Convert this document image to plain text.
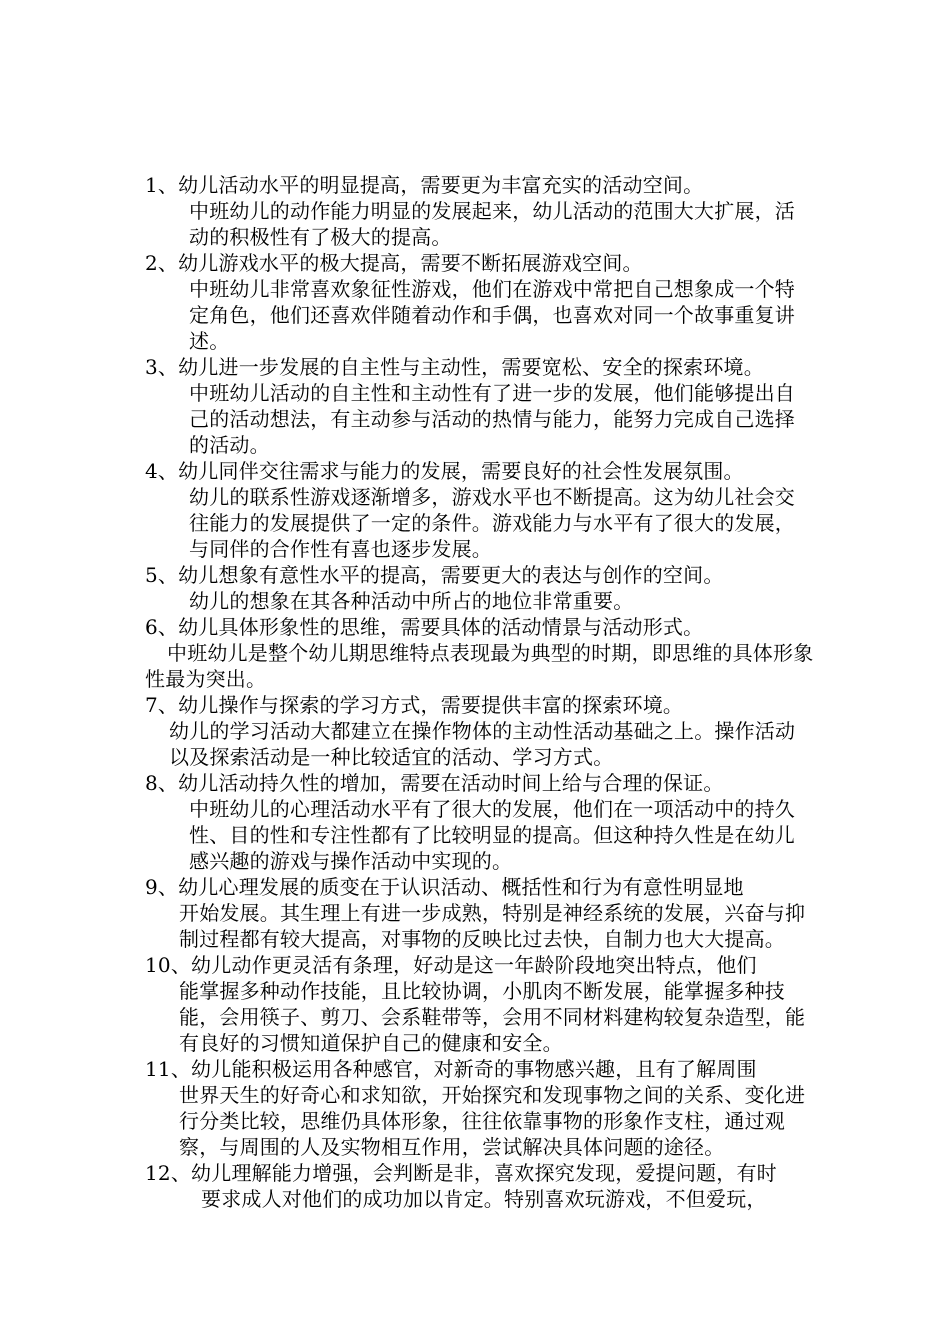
1、幼儿活动水平的明显提高，需要更为丰富充实的活动空间。
中班幼儿的动作能力明显的发展起来，幼儿活动的范围大大扩展，活动的积极性有了极大的提高。
2、幼儿游戏水平的极大提高，需要不断拓展游戏空间。
中班幼儿非常喜欢象征性游戏，他们在游戏中常把自己想象成一个特定角色，他们还喜欢伴随着动作和手偶，也喜欢对同一个故事重复讲述。
3、幼儿进一步发展的自主性与主动性，需要宽松、安全的探索环境。
中班幼儿活动的自主性和主动性有了进一步的发展，他们能够提出自己的活动想法，有主动参与活动的热情与能力，能努力完成自己选择的活动。
4、幼儿同伴交往需求与能力的发展，需要良好的社会性发展氛围。
幼儿的联系性游戏逐渐增多，游戏水平也不断提高。这为幼儿社会交往能力的发展提供了一定的条件。游戏能力与水平有了很大的发展，与同伴的合作性有喜也逐步发展。
5、幼儿想象有意性水平的提高，需要更大的表达与创作的空间。
幼儿的想象在其各种活动中所占的地位非常重要。
6、幼儿具体形象性的思维，需要具体的活动情景与活动形式。
中班幼儿是整个幼儿期思维特点表现最为典型的时期，即思维的具体形象性最为突出。
7、幼儿操作与探索的学习方式，需要提供丰富的探索环境。
幼儿的学习活动大都建立在操作物体的主动性活动基础之上。操作活动以及探索活动是一种比较适宜的活动、学习方式。
8、幼儿活动持久性的增加，需要在活动时间上给与合理的保证。
中班幼儿的心理活动水平有了很大的发展，他们在一项活动中的持久性、目的性和专注性都有了比较明显的提高。但这种持久性是在幼儿感兴趣的游戏与操作活动中实现的。
9、幼儿心理发展的质变在于认识活动、概括性和行为有意性明显地
开始发展。其生理上有进一步成熟，特别是神经系统的发展，兴奋与抑制过程都有较大提高，对事物的反映比过去快，自制力也大大提高。
10、幼儿动作更灵活有条理，好动是这一年龄阶段地突出特点，他们
能掌握多种动作技能，且比较协调，小肌肉不断发展，能掌握多种技能，会用筷子、剪刀、会系鞋带等，会用不同材料建构较复杂造型，能有良好的习惯知道保护自己的健康和安全。
11、幼儿能积极运用各种感官，对新奇的事物感兴趣，且有了解周围
世界天生的好奇心和求知欲，开始探究和发现事物之间的关系、变化进行分类比较，思维仍具体形象，往往依靠事物的形象作支柱，通过观察，与周围的人及实物相互作用，尝试解决具体问题的途径。
12、幼儿理解能力增强，会判断是非，喜欢探究发现，爱提问题，有时
要求成人对他们的成功加以肯定。特别喜欢玩游戏，不但爱玩，
